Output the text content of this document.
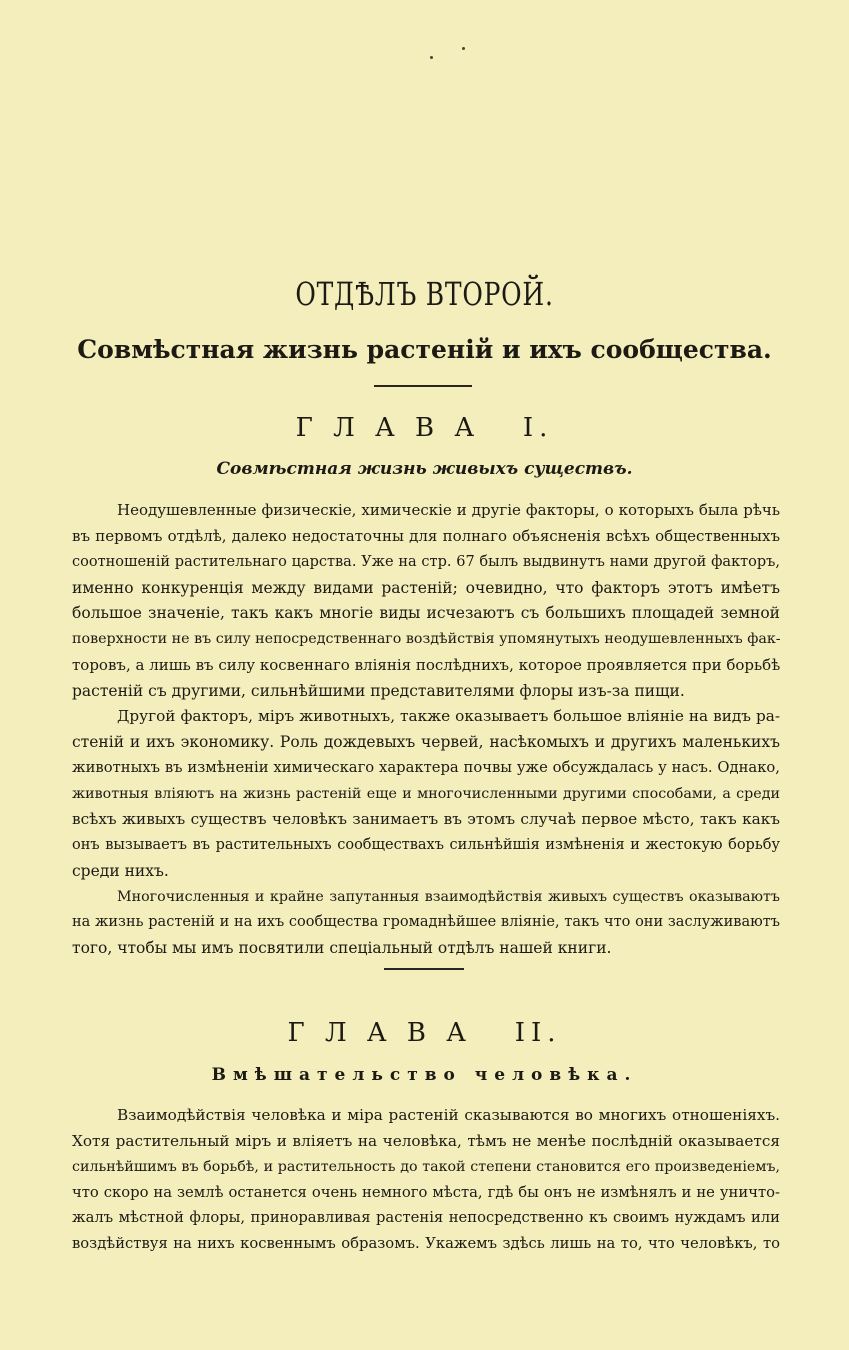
ОТДѢЛЪ ВТОРОЙ.
Совмѣстная жизнь растеній и ихъ сообщества.
Г Л А В А   I.
Совмѣстная жизнь живыхъ существъ.
Неодушевленные физическіе, химическіе и другіе факторы, о которыхъ была рѣчь
въ первомъ отдѣлѣ, далеко недостаточны для полнаго объясненія всѣхъ общественныхъ
соотношеній растительнаго царства. Уже на стр. 67 былъ выдвинутъ нами другой факторъ,
именно конкуренція между видами растеній; очевидно, что факторъ этотъ имѣетъ
большое значеніе, такъ какъ многіе виды исчезаютъ съ большихъ площадей земной
поверхности не въ силу непосредственнаго воздѣйствія упомянутыхъ неодушевленныхъ фак-
торовъ, а лишь въ силу косвеннаго вліянія послѣднихъ, которое проявляется при борьбѣ
растеній съ другими, сильнѣйшими представителями флоры изъ-за пищи.
Другой факторъ, міръ животныхъ, также оказываетъ большое вліяніе на видъ ра-
стеній и ихъ экономику. Роль дождевыхъ червей, насѣкомыхъ и другихъ маленькихъ
животныхъ въ измѣненіи химическаго характера почвы уже обсуждалась у насъ. Однако,
животныя вліяютъ на жизнь растеній еще и многочисленными другими способами, а среди
всѣхъ живыхъ существъ человѣкъ занимаетъ въ этомъ случаѣ первое мѣсто, такъ какъ
онъ вызываетъ въ растительныхъ сообществахъ сильнѣйшія измѣненія и жестокую борьбу
среди нихъ.
Многочисленныя и крайне запутанныя взаимодѣйствія живыхъ существъ оказываютъ
на жизнь растеній и на ихъ сообщества громаднѣйшее вліяніе, такъ что они заслуживаютъ
того, чтобы мы имъ посвятили спеціальный отдѣлъ нашей книги.
Г Л А В А   II.
Вмѣшательство человѣка.
Взаимодѣйствія человѣка и міра растеній сказываются во многихъ отношеніяхъ.
Хотя растительный міръ и вліяетъ на человѣка, тѣмъ не менѣе послѣдній оказывается
сильнѣйшимъ въ борьбѣ, и растительность до такой степени становится его произведеніемъ,
что скоро на землѣ останется очень немного мѣста, гдѣ бы онъ не измѣнялъ и не уничто-
жалъ мѣстной флоры, приноравливая растенія непосредственно къ своимъ нуждамъ или
воздѣйствуя на нихъ косвеннымъ образомъ. Укажемъ здѣсь лишь на то, что человѣкъ, то
